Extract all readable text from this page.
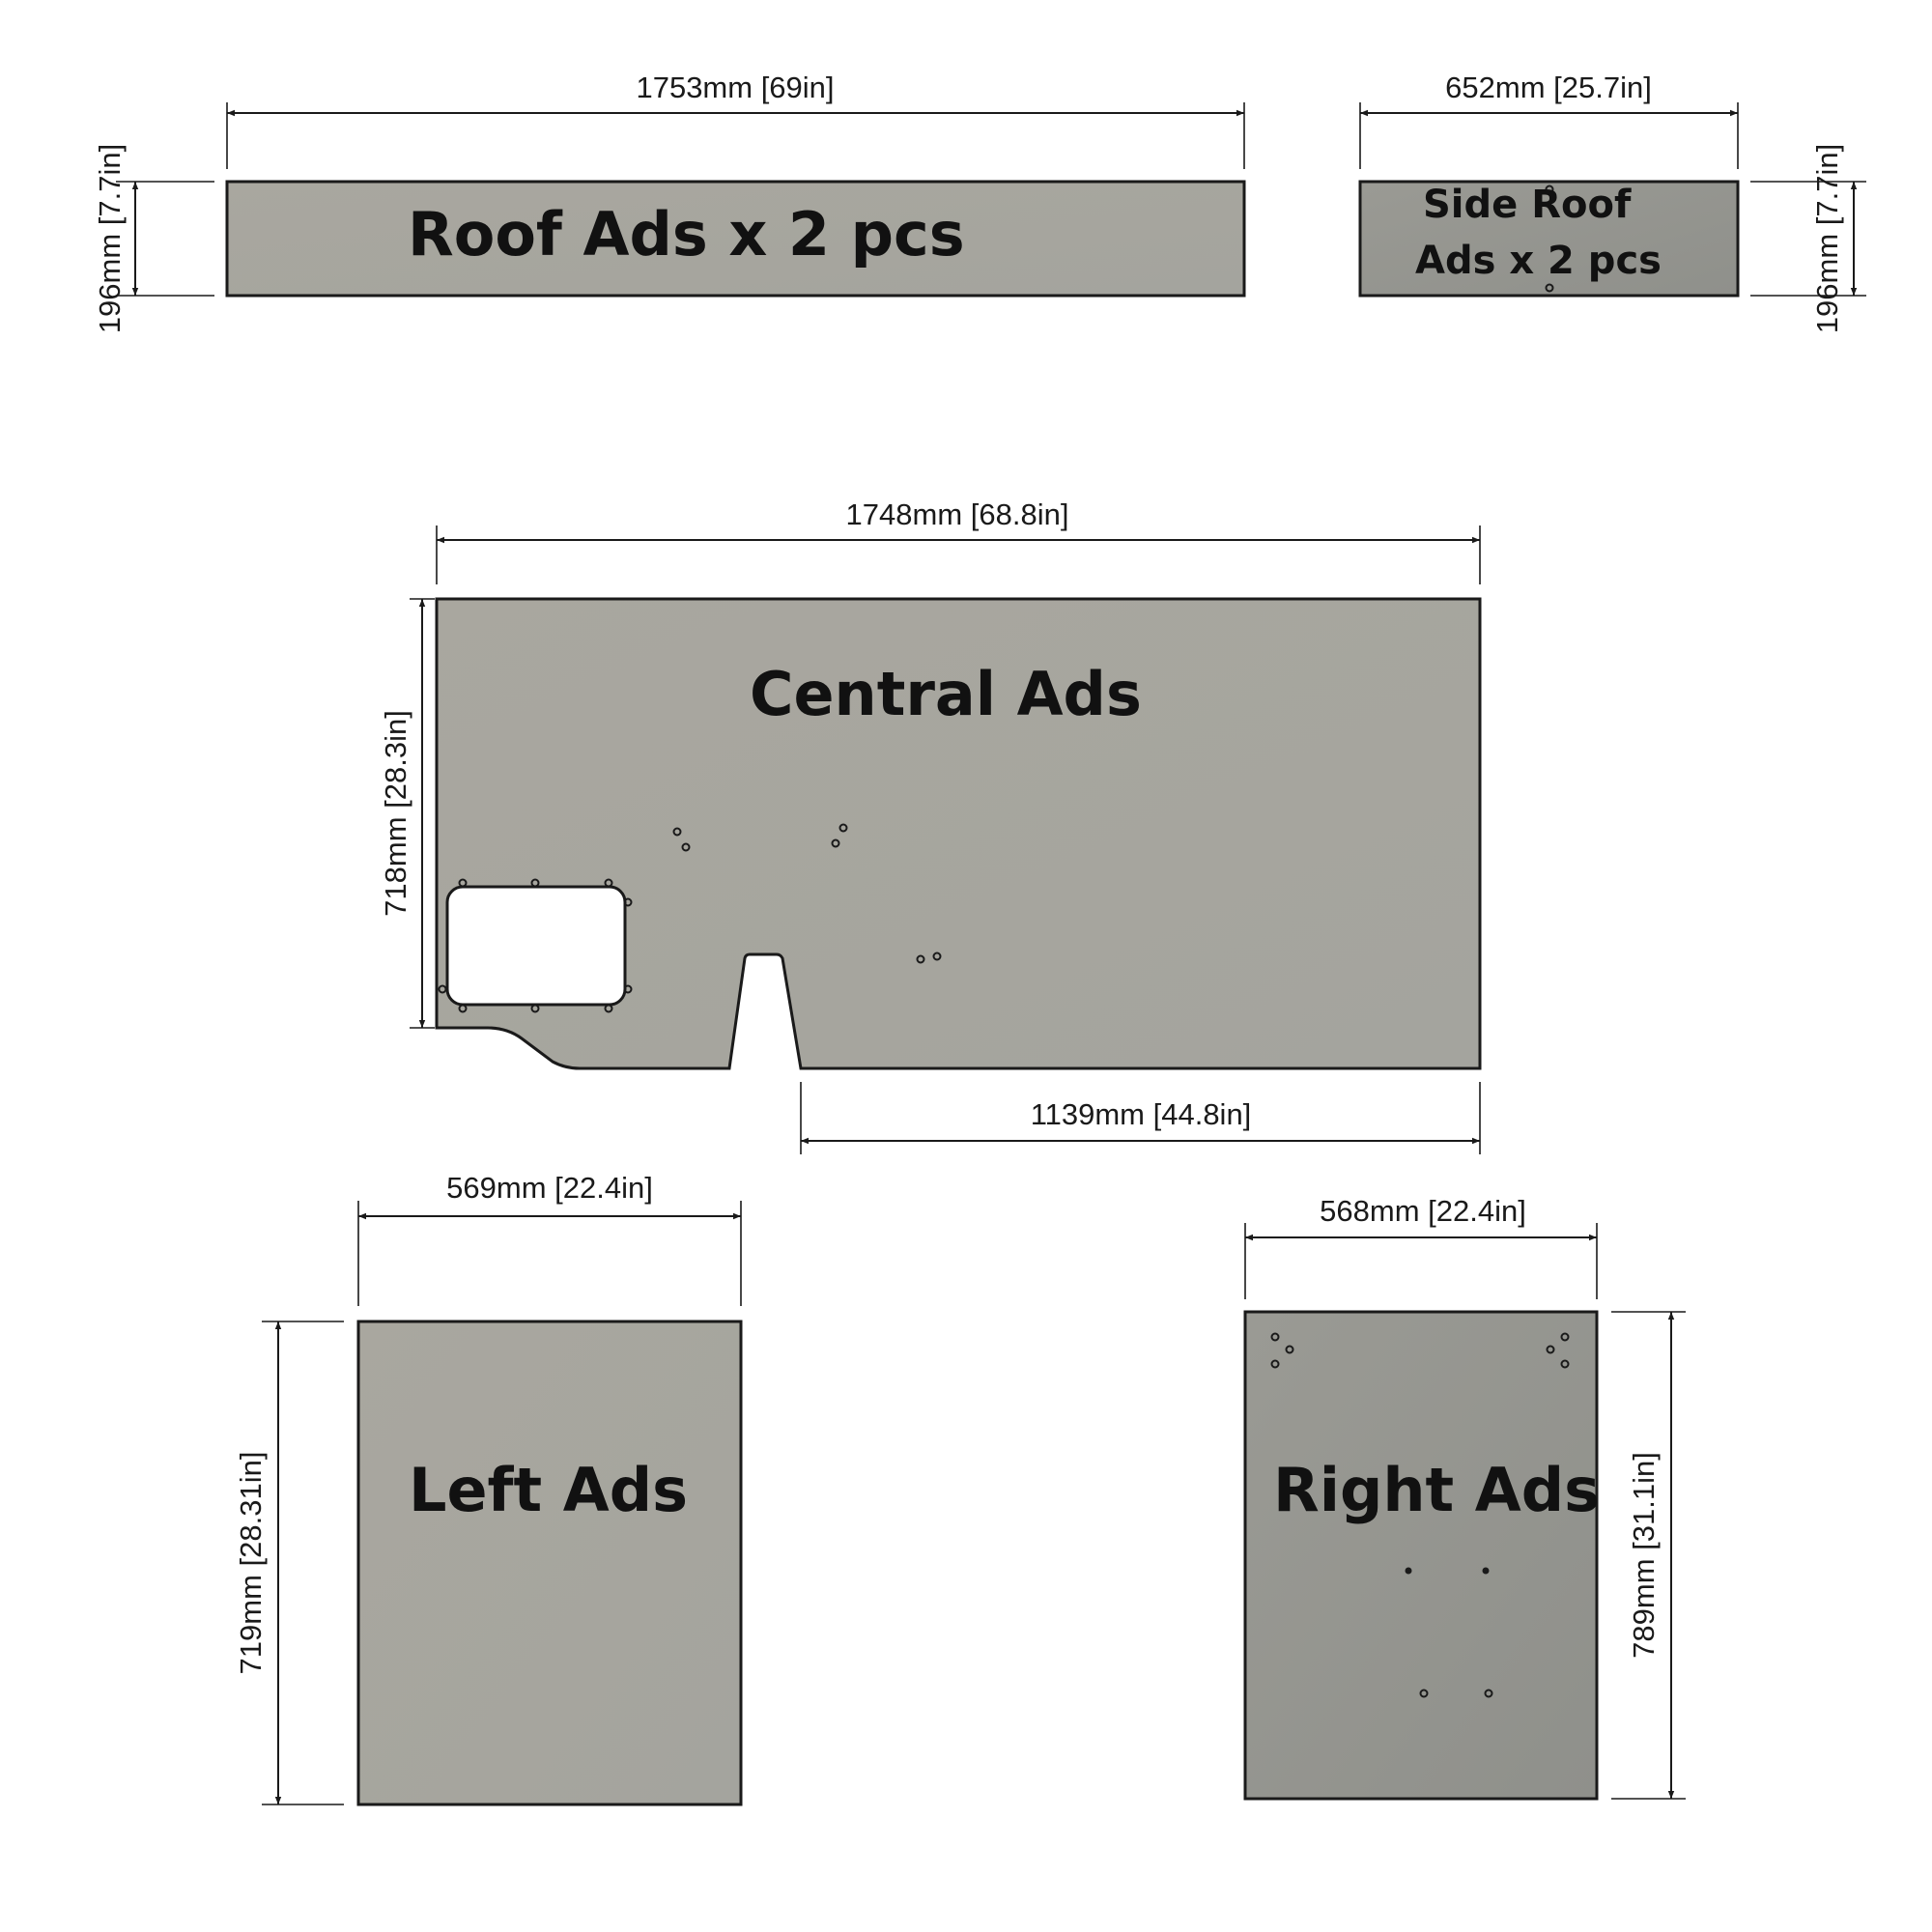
1753mm [69in]
196mm [7.7in]	Roof Ads x 2 pcs
652mm [25.7in]
196mm [7.7in]
Side Roof
Ads x 2 pcs
1748mm [68.8in]
718mm [28.3in]
Central Ads
1139mm [44.8in]
569mm [22.4in]
719mm [28.31in] Left Ads
568mm [22.4in]
789mm [31.1in]
Right Ads
